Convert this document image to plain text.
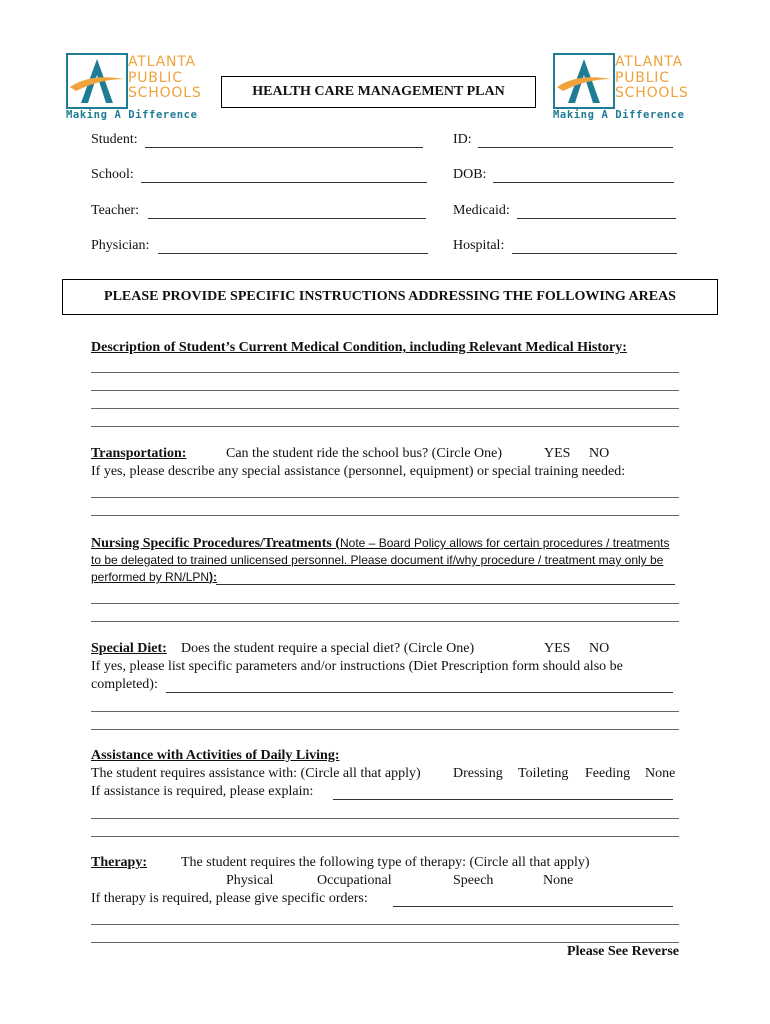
ATLANTA
PUBLIC
SCHOOLS
Making A Difference
ATLANTA
PUBLIC
SCHOOLS
Making A Difference
HEALTH CARE MANAGEMENT PLAN
Student:	ID:
School:	DOB:
Teacher:	Medicaid:
Physician:	Hospital:
PLEASE PROVIDE SPECIFIC INSTRUCTIONS ADDRESSING THE FOLLOWING AREAS
Description of Student’s Current Medical Condition, including Relevant Medical History:
Transportation:	Can the student ride the school bus? (Circle One)	YES NO
If yes, please describe any special assistance (personnel, equipment) or special training needed:
Nursing Specific Procedures/Treatments (Note – Board Policy allows for certain procedures / treatments
to be delegated to trained unlicensed personnel. Please document if/why procedure / treatment may only be
performed by RN/LPN):
Special Diet: Does the student require a special diet? (Circle One)	YES NO
If yes, please list specific parameters and/or instructions (Diet Prescription form should also be
completed):
Assistance with Activities of Daily Living:
The student requires assistance with: (Circle all that apply) Dressing Toileting Feeding None
If assistance is required, please explain:
Therapy: The student requires the following type of therapy: (Circle all that apply)
Physical	Occupational	Speech	None
If therapy is required, please give specific orders:
Please See Reverse
